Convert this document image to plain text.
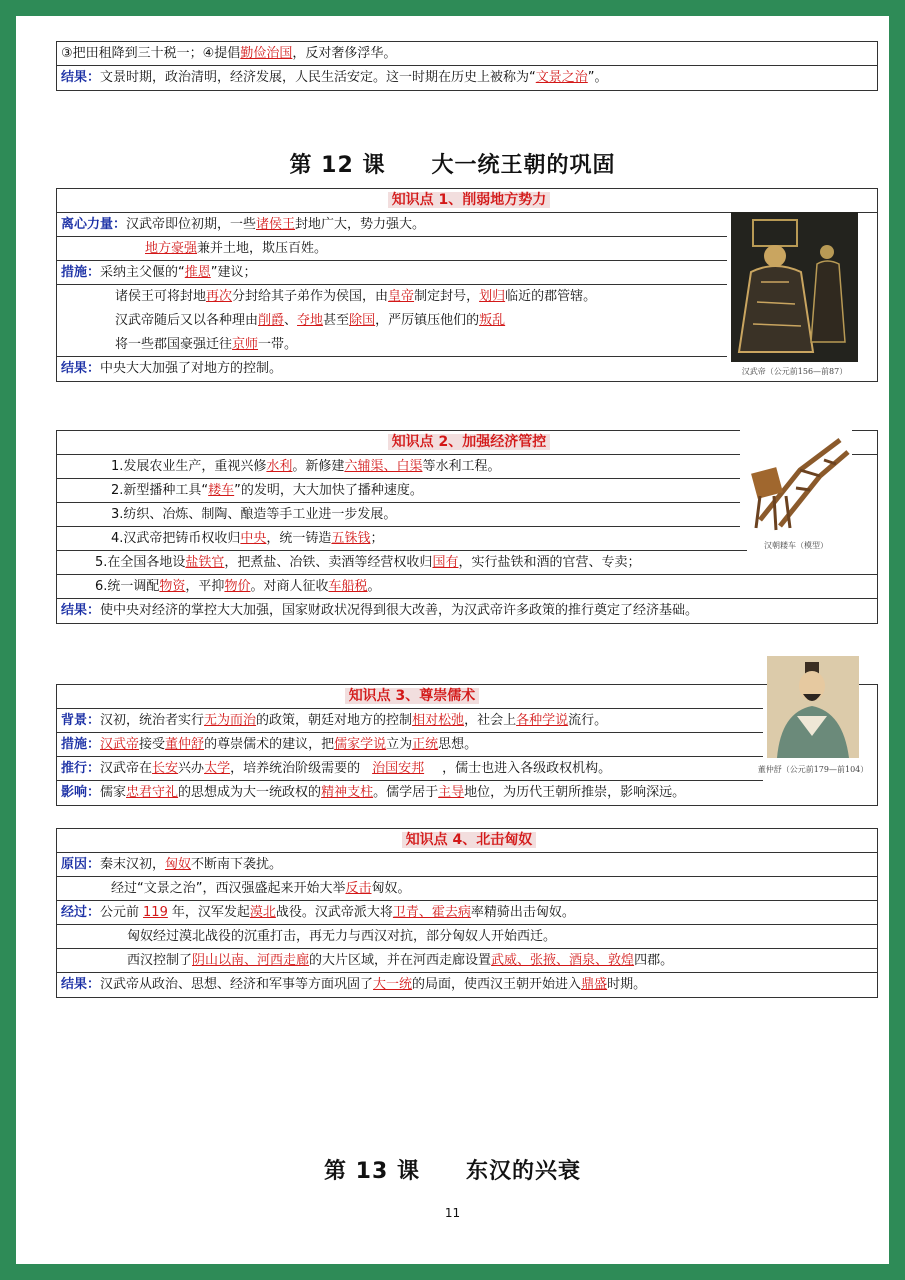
③把田租降到三十税一；④提倡勤俭治国，反对奢侈浮华。
结果：文景时期，政治清明，经济发展，人民生活安定。这一时期在历史上被称为“文景之治”。
第 12 课 大一统王朝的巩固
知识点 1、削弱地方势力
离心力量：汉武帝即位初期，一些诸侯王封地广大，势力强大。
地方豪强兼并土地，欺压百姓。
措施：采纳主父偃的“推恩”建议；
诸侯王可将封地再次分封给其子弟作为侯国，由皇帝制定封号，划归临近的郡管辖。
汉武帝随后又以各种理由削爵、夺地甚至除国，严厉镇压他们的叛乱
将一些郡国豪强迁往京师一带。
结果：中央大大加强了对地方的控制。	汉武帝（公元前156—前87）
知识点 2、加强经济管控
1.发展农业生产，重视兴修水利。新修建六辅渠、白渠等水利工程。
2.新型播种工具“耧车”的发明，大大加快了播种速度。
3.纺织、冶炼、制陶、酿造等手工业进一步发展。
4.汉武帝把铸币权收归中央，统一铸造五铢钱；
5.在全国各地设盐铁官，把煮盐、冶铁、卖酒等经营权收归国有，实行盐铁和酒的官营、专卖；
6.统一调配物资，平抑物价。对商人征收车船税。
结果：使中央对经济的掌控大大加强，国家财政状况得到很大改善，为汉武帝许多政策的推行奠定了经济基础。
汉朝耧车（模型）
知识点 3、尊崇儒术
背景：汉初，统治者实行无为而治的政策，朝廷对地方的控制相对松弛，社会上各种学说流行。
措施：汉武帝接受董仲舒的尊崇儒术的建议，把儒家学说立为正统思想。
推行：汉武帝在长安兴办太学，培养统治阶级需要的 治国安邦 ，儒士也进入各级政权机构。
影响：儒家忠君守礼的思想成为大一统政权的精神支柱。儒学居于主导地位，为历代王朝所推崇，影响深远。
董仲舒（公元前179—前104）
知识点 4、北击匈奴
原因：秦末汉初，匈奴不断南下袭扰。
经过“文景之治”，西汉强盛起来开始大举反击匈奴。
经过：公元前 119 年，汉军发起漠北战役。汉武帝派大将卫青、霍去病率精骑出击匈奴。
匈奴经过漠北战役的沉重打击，再无力与西汉对抗，部分匈奴人开始西迁。
西汉控制了阴山以南、河西走廊的大片区域，并在河西走廊设置武威、张掖、酒泉、敦煌四郡。
结果：汉武帝从政治、思想、经济和军事等方面巩固了大一统的局面，使西汉王朝开始进入鼎盛时期。
第 13 课 东汉的兴衰
11
